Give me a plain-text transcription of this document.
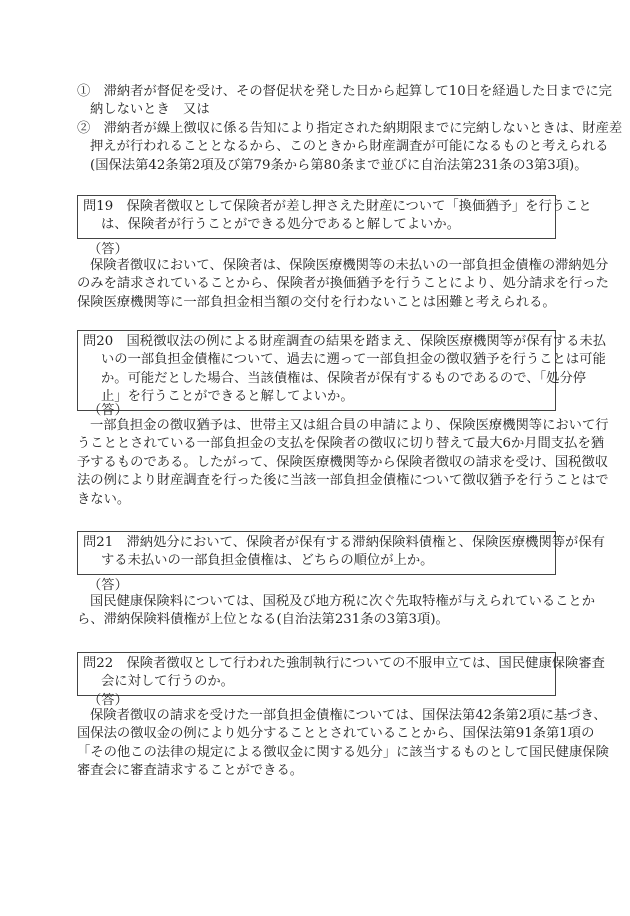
①　滞納者が督促を受け、その督促状を発した日から起算して10日を経過した日までに完
納しないとき　又は
②　滞納者が繰上徴収に係る告知により指定された納期限までに完納しないときは、財産差
押えが行われることとなるから、このときから財産調査が可能になるものと考えられる
(国保法第42条第2項及び第79条から第80条まで並びに自治法第231条の3第3項)。
問19　保険者徴収として保険者が差し押さえた財産について「換価猶予」を行うこと
は、保険者が行うことができる処分であると解してよいか。
（答）
保険者徴収において、保険者は、保険医療機関等の未払いの一部負担金債権の滞納処分
のみを請求されていることから、保険者が換価猶予を行うことにより、処分請求を行った
保険医療機関等に一部負担金相当額の交付を行わないことは困難と考えられる。
問20　国税徴収法の例による財産調査の結果を踏まえ、保険医療機関等が保有する未払
いの一部負担金債権について、過去に遡って一部負担金の徴収猶予を行うことは可能
か。可能だとした場合、当該債権は、保険者が保有するものであるので、「処分停
止」を行うことができると解してよいか。
（答）
一部負担金の徴収猶予は、世帯主又は組合員の申請により、保険医療機関等において行
うこととされている一部負担金の支払を保険者の徴収に切り替えて最大6か月間支払を猶
予するものである。したがって、保険医療機関等から保険者徴収の請求を受け、国税徴収
法の例により財産調査を行った後に当該一部負担金債権について徴収猶予を行うことはで
きない。
問21　滞納処分において、保険者が保有する滞納保険料債権と、保険医療機関等が保有
する未払いの一部負担金債権は、どちらの順位が上か。
（答）
国民健康保険料については、国税及び地方税に次ぐ先取特権が与えられていることか
ら、滞納保険料債権が上位となる(自治法第231条の3第3項)。
問22　保険者徴収として行われた強制執行についての不服申立ては、国民健康保険審査
会に対して行うのか。
（答）
保険者徴収の請求を受けた一部負担金債権については、国保法第42条第2項に基づき、
国保法の徴収金の例により処分することとされていることから、国保法第91条第1項の
「その他この法律の規定による徴収金に関する処分」に該当するものとして国民健康保険
審査会に審査請求することができる。
